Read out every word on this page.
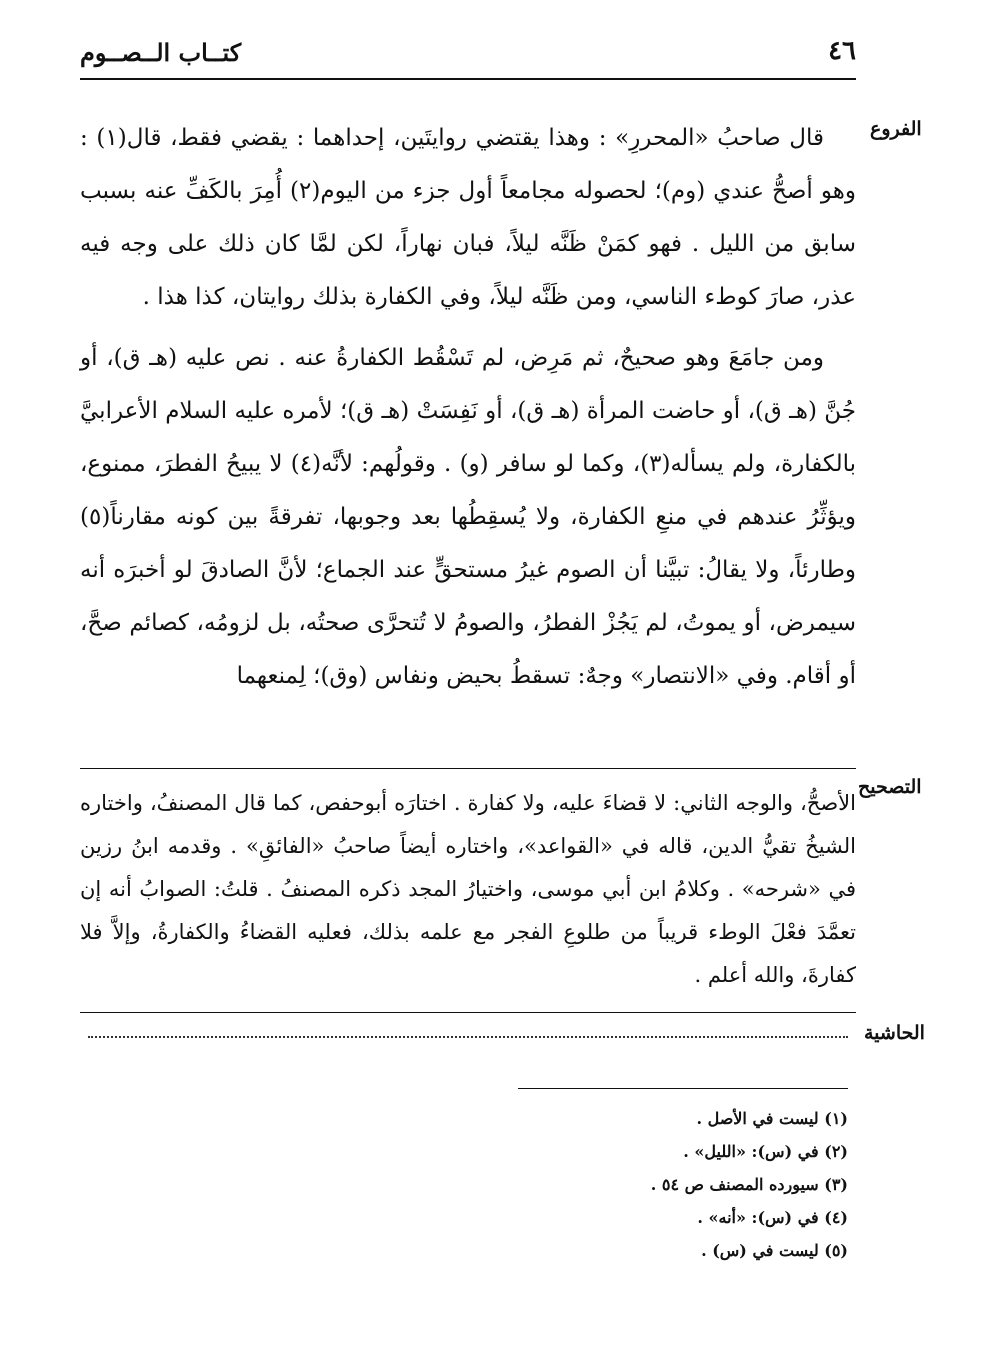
كتــاب الــصــوم	٤٦
الفروع
التصحيح
الحاشية

قال صاحبُ «المحررِ» : وهذا يقتضي روايتَين، إحداهما : يقضي فقط، قال(١) : وهو أصحُّ عندي (وم)؛ لحصوله مجامعاً أول جزء من اليوم(٢) أُمِرَ بالكَفِّ عنه بسبب سابق من الليل . فهو كمَنْ ظَنَّه ليلاً، فبان نهاراً، لكن لمَّا كان ذلك على وجه فيه عذر، صارَ كوطء الناسي، ومن ظَنَّه ليلاً، وفي الكفارة بذلك روايتان، كذا هذا .

ومن جامَعَ وهو صحيحٌ، ثم مَرِض، لم تَسْقُط الكفارةُ عنه . نص عليه (هـ ق)، أو جُنَّ (هـ ق)، أو حاضت المرأة (هـ ق)، أو نَفِسَتْ (هـ ق)؛ لأمره عليه السلام الأعرابيَّ بالكفارة، ولم يسأله(٣)، وكما لو سافر (و) . وقولُهم: لأنَّه(٤) لا يبيحُ الفطرَ، ممنوع، ويؤثِّرُ عندهم في منعِ الكفارة، ولا يُسقِطُها بعد وجوبها، تفرقةً بين كونه مقارناً(٥) وطارئاً، ولا يقالُ: تبيَّنا أن الصوم غيرُ مستحقٍّ عند الجماع؛ لأنَّ الصادقَ لو أخبرَه أنه سيمرض، أو يموتُ، لم يَجُزْ الفطرُ، والصومُ لا تُتحرَّى صحتُه، بل لزومُه، كصائم صحَّ، أو أقام. وفي «الانتصار» وجهٌ: تسقطُ بحيض ونفاس (وق)؛ لِمنعهما

الأصحُّ، والوجه الثاني: لا قضاءَ عليه، ولا كفارة . اختارَه أبوحفص، كما قال المصنفُ، واختاره الشيخُ تقيُّ الدين، قاله في «القواعد»، واختاره أيضاً صاحبُ «الفائقِ» . وقدمه ابنُ رزين في «شرحه» . وكلامُ ابن أبي موسى، واختيارُ المجد ذكره المصنفُ . قلتُ: الصوابُ أنه إن تعمَّدَ فعْلَ الوطء قريباً من طلوعِ الفجر مع علمه بذلك، فعليه القضاءُ والكفارةُ، وإلاَّ فلا كفارةَ، والله أعلم .

(١) ليست في الأصل .
(٢) في (س): «الليل» .
(٣) سيورده المصنف ص ٥٤ .
(٤) في (س): «أنه» .
(٥) ليست في (س) .
